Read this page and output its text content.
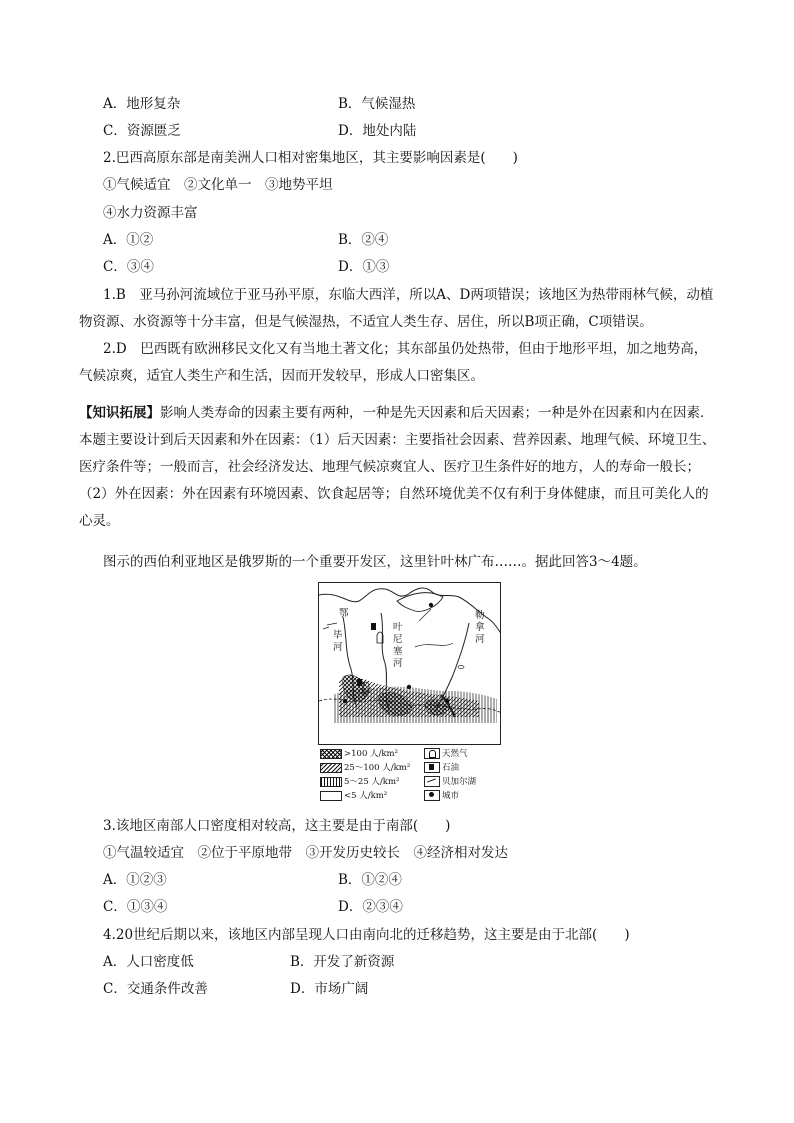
A．地形复杂	B．气候湿热
C．资源匮乏	D．地处内陆
2.巴西高原东部是南美洲人口相对密集地区，其主要影响因素是(　　)
①气候适宜　②文化单一　③地势平坦
④水力资源丰富
A．①②	B．②④
C．③④	D．①③
1.B　亚马孙河流域位于亚马孙平原，东临大西洋，所以A、D两项错误；该地区为热带雨林气候，动植物资源、水资源等十分丰富，但是气候湿热，不适宜人类生存、居住，所以B项正确，C项错误。
2.D　巴西既有欧洲移民文化又有当地土著文化；其东部虽仍处热带，但由于地形平坦，加之地势高，气候凉爽，适宜人类生产和生活，因而开发较早，形成人口密集区。
【知识拓展】影响人类寿命的因素主要有两种，一种是先天因素和后天因素；一种是外在因素和内在因素．本题主要设计到后天因素和外在因素：（1）后天因素：主要指社会因素、营养因素、地理气候、环境卫生、医疗条件等；一般而言，社会经济发达、地理气候凉爽宜人、医疗卫生条件好的地方，人的寿命一般长；（2）外在因素：外在因素有环境因素、饮食起居等；自然环境优美不仅有利于身体健康，而且可美化人的心灵。
图示的西伯利亚地区是俄罗斯的一个重要开发区，这里针叶林广布……。据此回答3～4题。
鄂
毕
河
叶
尼
塞
河
勒
拿
河
>100 人/km²
25～100 人/km²
5～25 人/km²
<5 人/km²
天然气
石油
贝加尔湖
城市
3.该地区南部人口密度相对较高，这主要是由于南部(　　)
①气温较适宜　②位于平原地带　③开发历史较长　④经济相对发达
A．①②③	B．①②④
C．①③④	D．②③④
4.20世纪后期以来，该地区内部呈现人口由南向北的迁移趋势，这主要是由于北部(　　)
A．人口密度低	B．开发了新资源
C．交通条件改善	D．市场广阔
